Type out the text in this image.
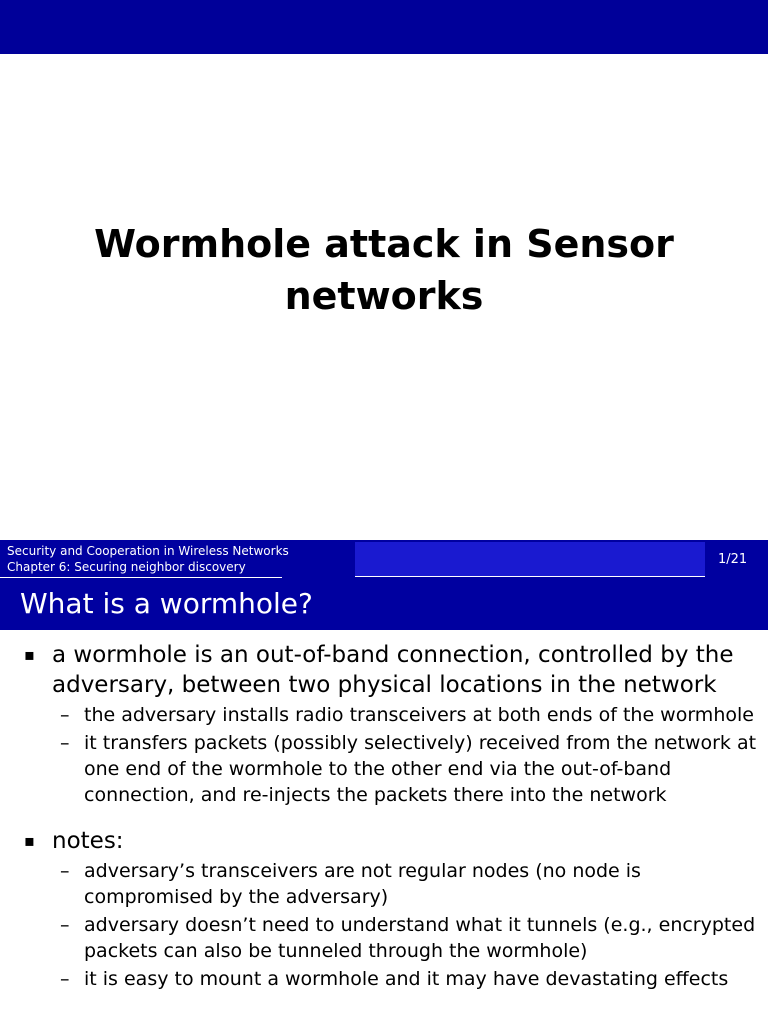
Wormhole attack in Sensor
networks
Security and Cooperation in Wireless Networks
Chapter 6: Securing neighbor discovery	1/21
What is a wormhole?
▪ a wormhole is an out-of-band connection, controlled by the adversary, between two physical locations in the network
– the adversary installs radio transceivers at both ends of the wormhole
– it transfers packets (possibly selectively) received from the network at one end of the wormhole to the other end via the out-of-band connection, and re-injects the packets there into the network
▪ notes:
– adversary’s transceivers are not regular nodes (no node is compromised by the adversary)
– adversary doesn’t need to understand what it tunnels (e.g., encrypted packets can also be tunneled through the wormhole)
– it is easy to mount a wormhole and it may have devastating effects
